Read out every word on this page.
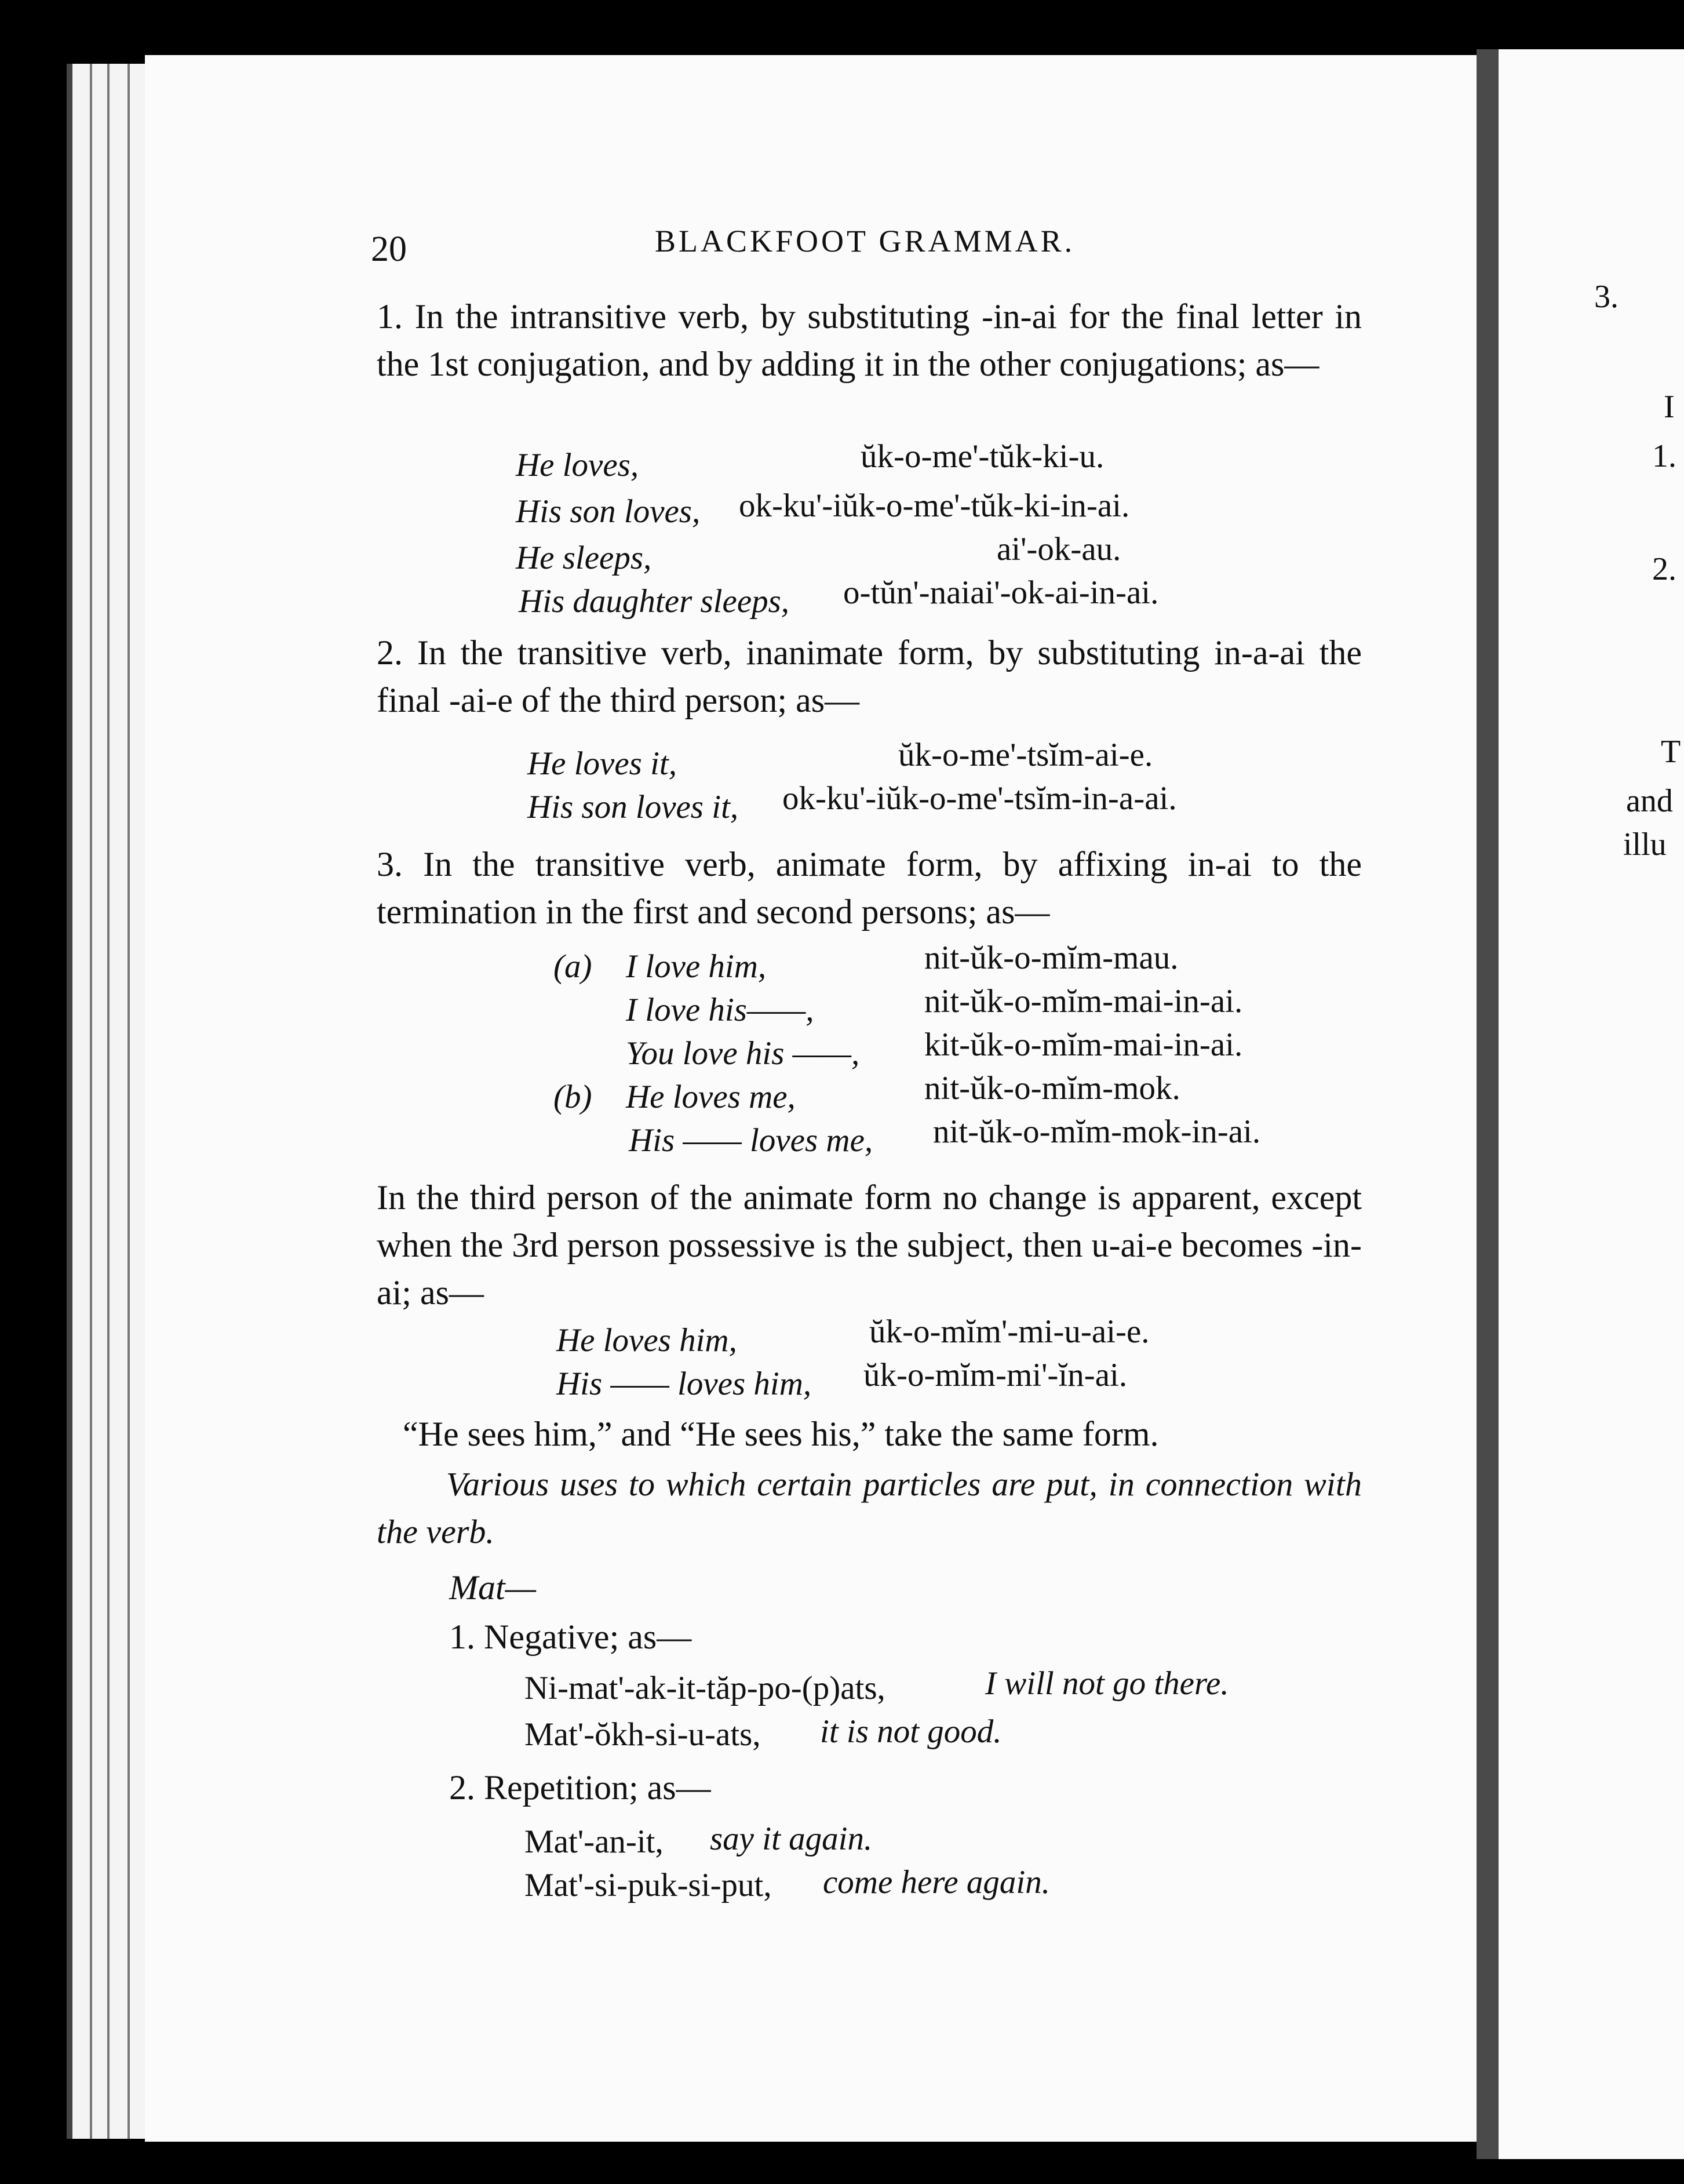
3.
I
1.
2.
T
and
illu
20	BLACKFOOT GRAMMAR.
1. In the intransitive verb, by substituting -in-ai for the final letter in the 1st conjugation, and by adding it in the other conjugations; as—
He loves,	ŭk-o-me'-tŭk-ki-u.
His son loves, ok-ku'-iŭk-o-me'-tŭk-ki-in-ai.
He sleeps,	ai'-ok-au.
His daughter sleeps, o-tŭn'-naiai'-ok-ai-in-ai.
2. In the transitive verb, inanimate form, by substituting in-a-ai the final -ai-e of the third person; as—
He loves it,	ŭk-o-me'-tsĭm-ai-e.
His son loves it, ok-ku'-iŭk-o-me'-tsĭm-in-a-ai.
3. In the transitive verb, animate form, by affixing in-ai to the termination in the first and second persons; as—
(a) I love him,	nit-ŭk-o-mĭm-mau.
I love his——,	nit-ŭk-o-mĭm-mai-in-ai.
You love his ——, kit-ŭk-o-mĭm-mai-in-ai.
(b) He loves me,	nit-ŭk-o-mĭm-mok.
His —— loves me, nit-ŭk-o-mĭm-mok-in-ai.
In the third person of the animate form no change is apparent, except when the 3rd person possessive is the subject, then u-ai-e becomes -in-ai; as—
He loves him,	ŭk-o-mĭm'-mi-u-ai-e.
His —— loves him, ŭk-o-mĭm-mi'-ĭn-ai.
“He sees him,” and “He sees his,” take the same form.
Various uses to which certain particles are put, in connection with the verb.
Mat—
1. Negative; as—
Ni-mat'-ak-it-tăp-po-(p)ats,	I will not go there.
Mat'-ŏkh-si-u-ats, it is not good.
2. Repetition; as—
Mat'-an-it, say it again.
Mat'-si-puk-si-put, come here again.
